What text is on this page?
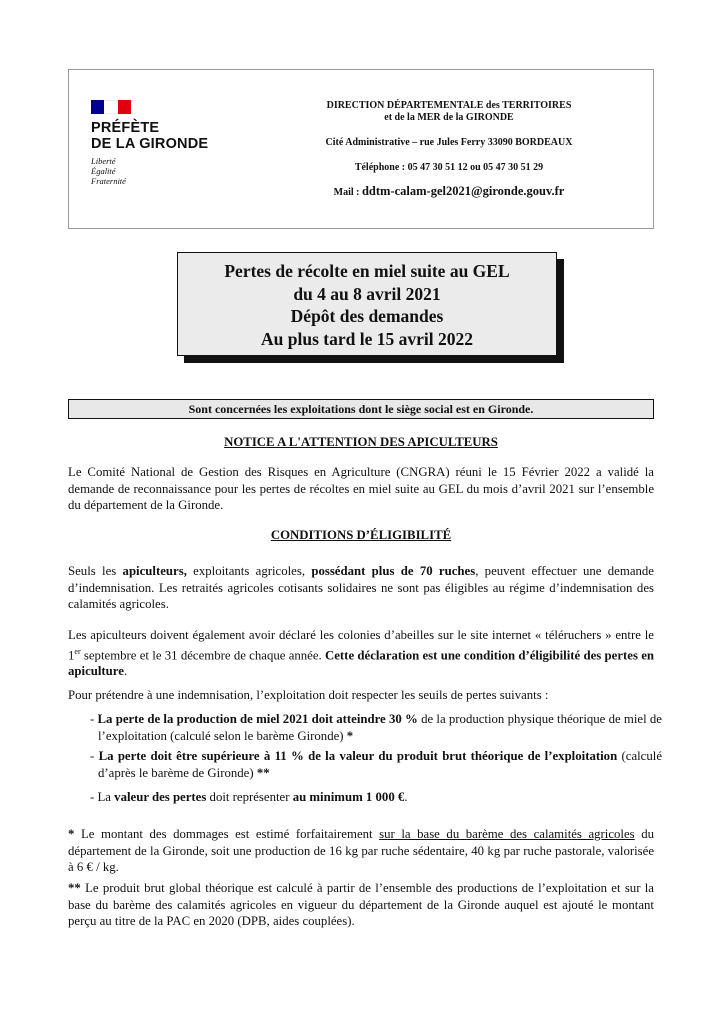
PRÉFÈTE
DE LA GIRONDE
Liberté
Égalité
Fraternité
DIRECTION DÉPARTEMENTALE des TERRITOIRES
et de la MER de la GIRONDE
Cité Administrative – rue Jules Ferry 33090 BORDEAUX
Téléphone : 05 47 30 51 12 ou 05 47 30 51 29
Mail : ddtm-calam-gel2021@gironde.gouv.fr
Pertes de récolte en miel suite au GEL
du 4 au 8 avril 2021
Dépôt des demandes
Au plus tard le 15 avril 2022
Sont concernées les exploitations dont le siège social est en Gironde.
NOTICE A L'ATTENTION DES APICULTEURS

Le Comité National de Gestion des Risques en Agriculture (CNGRA) réuni le 15 Février 2022 a validé la demande de reconnaissance pour les pertes de récoltes en miel suite au GEL du mois d’avril 2021 sur l’ensemble du département de la Gironde.

CONDITIONS D’ÉLIGIBILITÉ

Seuls les apiculteurs, exploitants agricoles, possédant plus de 70 ruches, peuvent effectuer une demande d’indemnisation. Les retraités agricoles cotisants solidaires ne sont pas éligibles au régime d’indemnisation des calamités agricoles.

Les apiculteurs doivent également avoir déclaré les colonies d’abeilles sur le site internet « téléruchers » entre le 1er septembre et le 31 décembre de chaque année. Cette déclaration est une condition d’éligibilité des pertes en apiculture.

Pour prétendre à une indemnisation, l’exploitation doit respecter les seuils de pertes suivants :

- La perte de la production de miel 2021 doit atteindre 30 % de la production physique théorique de miel de l’exploitation (calculé selon le barème Gironde) *
- La perte doit être supérieure à 11 % de la valeur du produit brut théorique de l’exploitation (calculé d’après le barème de Gironde) **
- La valeur des pertes doit représenter au minimum 1 000 €.

* Le montant des dommages est estimé forfaitairement sur la base du barème des calamités agricoles du département de la Gironde, soit une production de 16 kg par ruche sédentaire, 40 kg par ruche pastorale, valorisée à 6 € / kg.

** Le produit brut global théorique est calculé à partir de l’ensemble des productions de l’exploitation et sur la base du barème des calamités agricoles en vigueur du département de la Gironde auquel est ajouté le montant perçu au titre de la PAC en 2020 (DPB, aides couplées).
